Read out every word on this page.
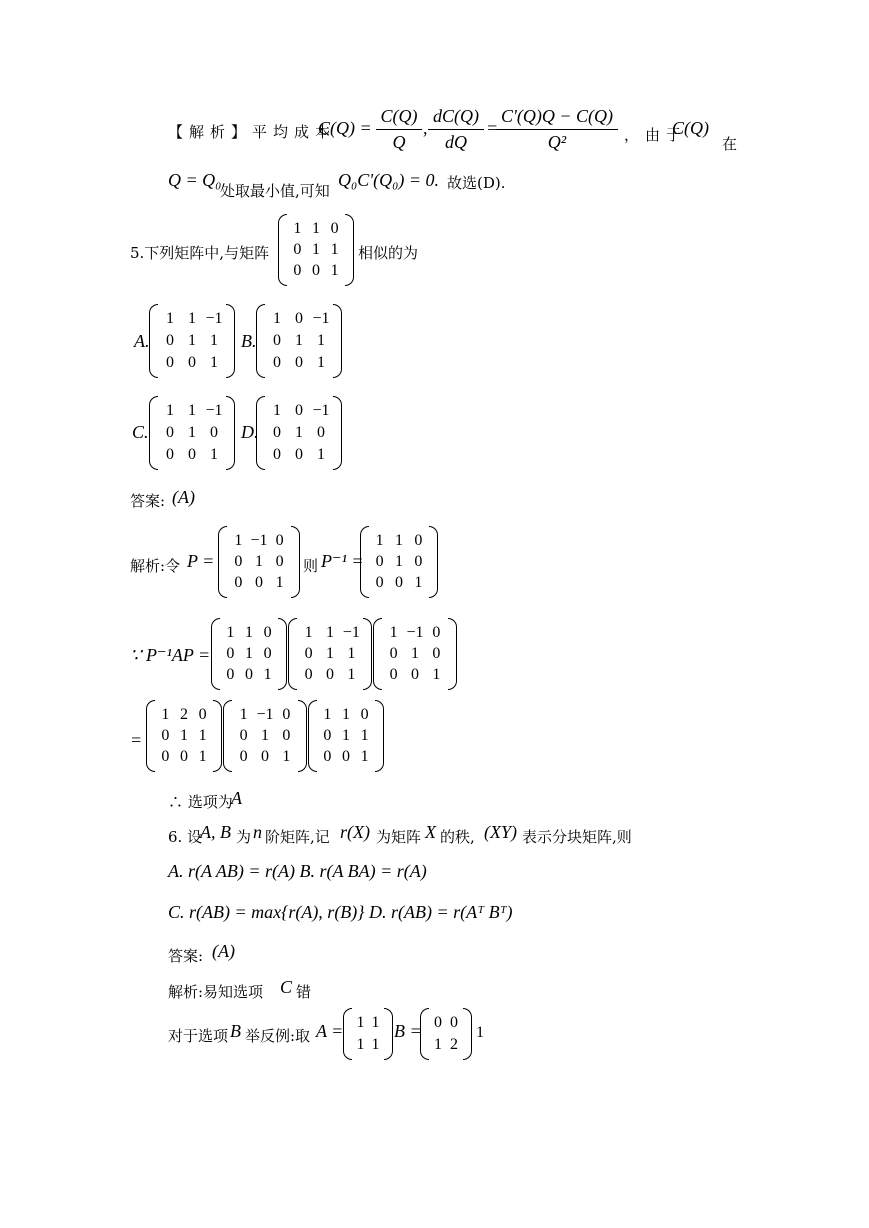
【解析】平均成本
$C(Q) = \frac{C(Q)}{Q}$ , $\frac{dC(Q)}{dQ}$ =
$\frac{C'(Q)Q - C(Q)}{\text{Q²}}$ ，由于
C(Q)
在
Q = Q₀
处取最小值,可知
Q₀C'(Q₀) = 0. 故选(D).
5.下列矩阵中,与矩阵
1 1 0
0 1 1
0 0 1
相似的为
A.
1 1 −1
0 1 1
0 0 1
B.
1 0 −1
0 1 1
0 0 1
C.
1 1 −1
0 1 0
0 0 1
D.
1 0 −1
0 1 0
0 0 1
答案: (A)
解析:令 P =
1 −1 0
0 1 0
0 0 1
则 P⁻¹ =
1 1 0
0 1 0
0 0 1
∵ P⁻¹AP =
1 1 0
0 1 0
0 0 1
1 1 −1
0 1 1
0 0 1
1 −1 0
0 1 0
0 0 1
=
1 2 0
0 1 1
0 0 1
1 −1 0
0 1 0
0 0 1
1 1 0
0 1 1
0 0 1
∴ 选项为
A
6. 设
A, B 为 n 阶矩阵,记 r(X) 为矩阵 X 的秩, (XY) 表示分块矩阵,则
A. r(A AB) = r(A) B. r(A BA) = r(A)
C. r(AB) = max{r(A), r(B)} D. r(AB) = r(Aᵀ Bᵀ)
答案: (A)
解析:易知选项 C 错
对于选项 B 举反例:取 A = 1 1
1 1
B = 0 0
1 2
1
